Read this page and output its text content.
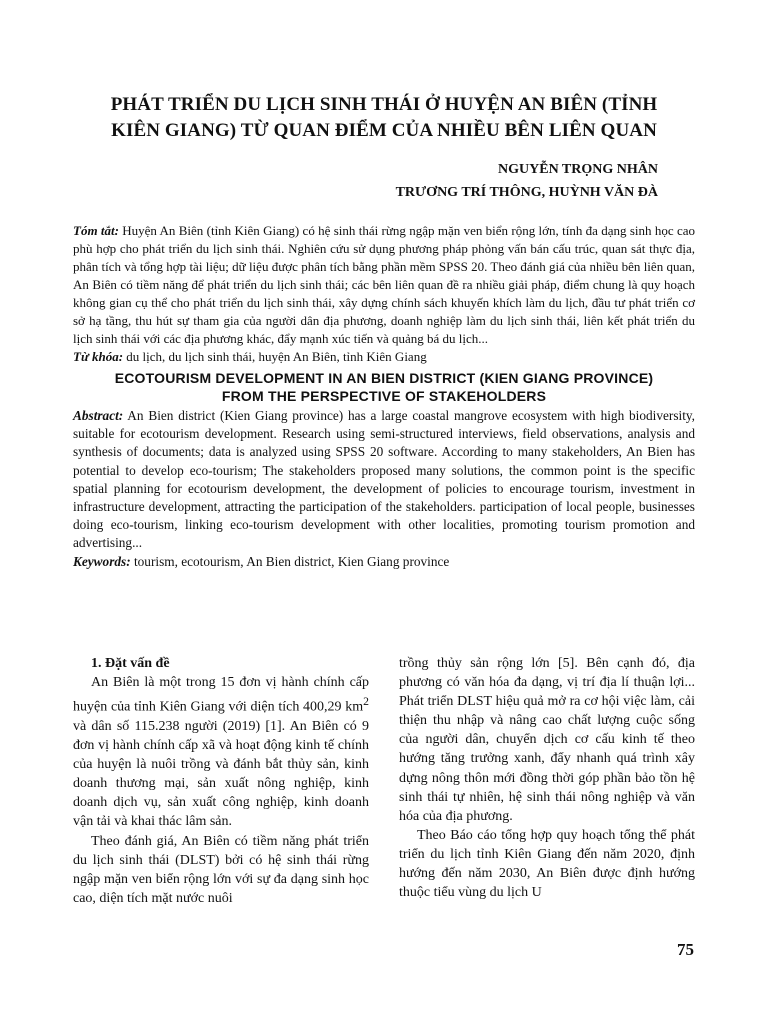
PHÁT TRIỂN DU LỊCH SINH THÁI Ở HUYỆN AN BIÊN (TỈNH
KIÊN GIANG) TỪ QUAN ĐIỂM CỦA NHIỀU BÊN LIÊN QUAN
NGUYỄN TRỌNG NHÂN
TRƯƠNG TRÍ THÔNG, HUỲNH VĂN ĐÀ
Tóm tắt: Huyện An Biên (tỉnh Kiên Giang) có hệ sinh thái rừng ngập mặn ven biển rộng lớn, tính đa dạng sinh học cao phù hợp cho phát triển du lịch sinh thái. Nghiên cứu sử dụng phương pháp phỏng vấn bán cấu trúc, quan sát thực địa, phân tích và tổng hợp tài liệu; dữ liệu được phân tích bằng phần mềm SPSS 20. Theo đánh giá của nhiều bên liên quan, An Biên có tiềm năng để phát triển du lịch sinh thái; các bên liên quan đề ra nhiều giải pháp, điểm chung là quy hoạch không gian cụ thể cho phát triển du lịch sinh thái, xây dựng chính sách khuyến khích làm du lịch, đầu tư phát triển cơ sở hạ tầng, thu hút sự tham gia của người dân địa phương, doanh nghiệp làm du lịch sinh thái, liên kết phát triển du lịch sinh thái với các địa phương khác, đẩy mạnh xúc tiến và quảng bá du lịch...
Từ khóa: du lịch, du lịch sinh thái, huyện An Biên, tỉnh Kiên Giang
ECOTOURISM DEVELOPMENT IN AN BIEN DISTRICT (KIEN GIANG PROVINCE)
FROM THE PERSPECTIVE OF STAKEHOLDERS
Abstract: An Bien district (Kien Giang province) has a large coastal mangrove ecosystem with high biodiversity, suitable for ecotourism development. Research using semi-structured interviews, field observations, analysis and synthesis of documents; data is analyzed using SPSS 20 software. According to many stakeholders, An Bien has potential to develop eco-tourism; The stakeholders proposed many solutions, the common point is the specific spatial planning for ecotourism development, the development of policies to encourage tourism, investment in infrastructure development, attracting the participation of the stakeholders. participation of local people, businesses doing eco-tourism, linking eco-tourism development with other localities, promoting tourism promotion and advertising...
Keywords: tourism, ecotourism, An Bien district, Kien Giang province

1. Đặt vấn đề

An Biên là một trong 15 đơn vị hành chính cấp huyện của tỉnh Kiên Giang với diện tích 400,29 $km^2$ và dân số 115.238 người (2019) [1]. An Biên có 9 đơn vị hành chính cấp xã và hoạt động kinh tế chính của huyện là nuôi trồng và đánh bắt thủy sản, kinh doanh thương mại, sản xuất nông nghiệp, kinh doanh dịch vụ, sản xuất công nghiệp, kinh doanh vận tải và khai thác lâm sản.

Theo đánh giá, An Biên có tiềm năng phát triển du lịch sinh thái (DLST) bởi có hệ sinh thái rừng ngập mặn ven biển rộng lớn với sự đa dạng sinh học cao, diện tích mặt nước nuôi

trồng thủy sản rộng lớn [5]. Bên cạnh đó, địa phương có văn hóa đa dạng, vị trí địa lí thuận lợi... Phát triển DLST hiệu quả mở ra cơ hội việc làm, cải thiện thu nhập và nâng cao chất lượng cuộc sống của người dân, chuyển dịch cơ cấu kinh tế theo hướng tăng trưởng xanh, đẩy nhanh quá trình xây dựng nông thôn mới đồng thời góp phần bảo tồn hệ sinh thái tự nhiên, hệ sinh thái nông nghiệp và văn hóa của địa phương.

Theo Báo cáo tổng hợp quy hoạch tổng thể phát triển du lịch tỉnh Kiên Giang đến năm 2020, định hướng đến năm 2030, An Biên được định hướng thuộc tiểu vùng du lịch U

75
